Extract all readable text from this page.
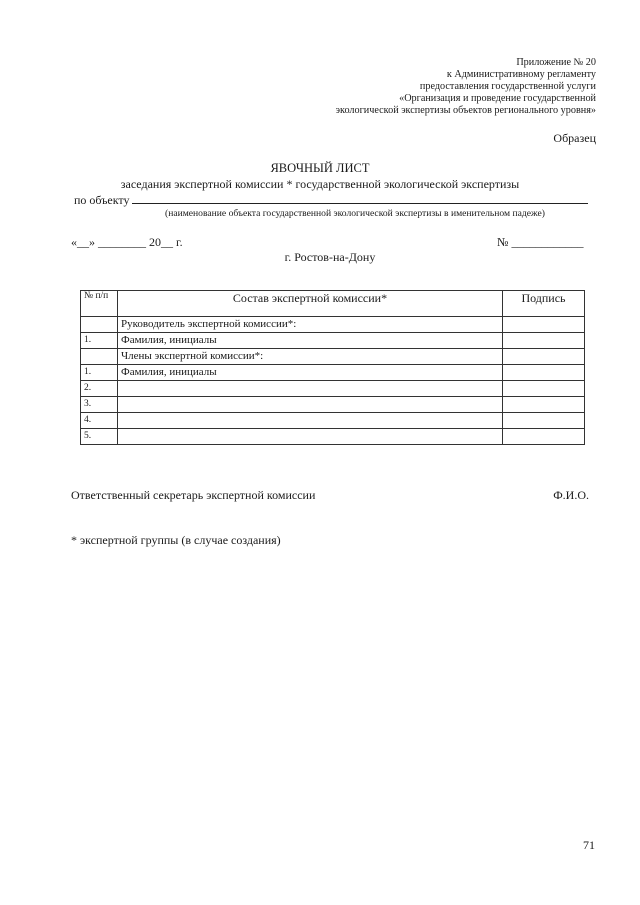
Приложение № 20
к Административному регламенту
предоставления государственной услуги
«Организация и проведение государственной
экологической экспертизы объектов регионального уровня»
Образец
ЯВОЧНЫЙ ЛИСТ
заседания экспертной комиссии * государственной экологической экспертизы
по объекту
(наименование объекта государственной экологической экспертизы в именительном падеже)
«__» ________ 20__ г.	№ ____________
г. Ростов-на-Дону
№ п/п	Состав экспертной комиссии*	Подпись
	Руководитель экспертной комиссии*:	
1.	Фамилия, инициалы	
	Члены экспертной комиссии*:	
1.	Фамилия, инициалы	
2.		
3.		
4.		
5.		
Ответственный секретарь экспертной комиссии	Ф.И.О.
* экспертной группы (в случае создания)
71
